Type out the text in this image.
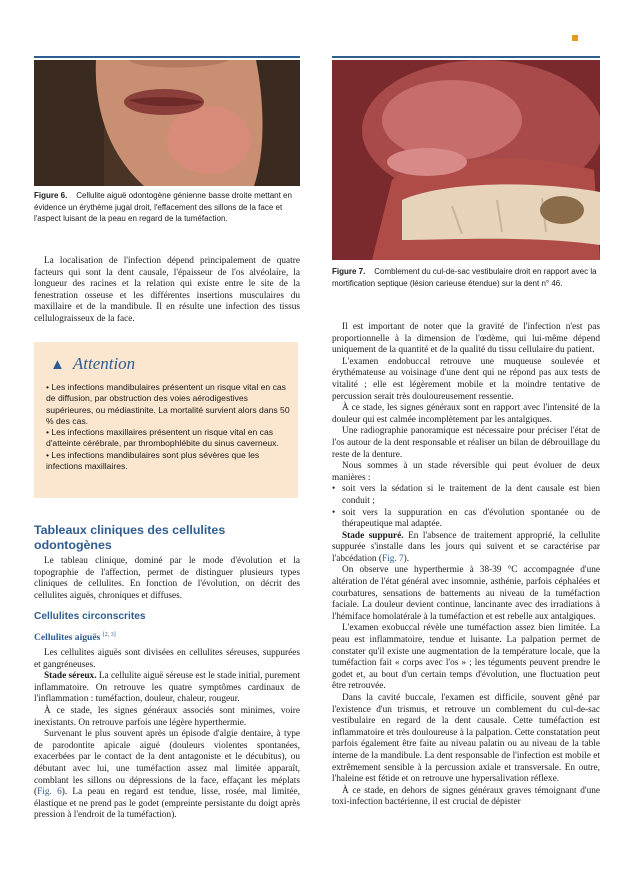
Figure 6. Cellulite aiguë odontogène génienne basse droite mettant en évidence un érythème jugal droit, l'effacement des sillons de la face et l'aspect luisant de la peau en regard de la tuméfaction.
Figure 7. Comblement du cul-de-sac vestibulaire droit en rapport avec la mortification septique (lésion carieuse étendue) sur la dent n° 46.

La localisation de l'infection dépend principalement de quatre facteurs qui sont la dent causale, l'épaisseur de l'os alvéolaire, la longueur des racines et la relation qui existe entre le site de la fenestration osseuse et les différentes insertions musculaires du maxillaire et de la mandibule. Il en résulte une infection des tissus cellulograisseux de la face.

▲ Attention

• Les infections mandibulaires présentent un risque vital en cas de diffusion, par obstruction des voies aérodigestives supérieures, ou médiastinite. La mortalité survient alors dans 50 % des cas.

• Les infections maxillaires présentent un risque vital en cas d'atteinte cérébrale, par thrombophlébite du sinus caverneux.

• Les infections mandibulaires sont plus sévères que les infections maxillaires.

Tableaux cliniques des cellulites odontogènes

Le tableau clinique, dominé par le mode d'évolution et la topographie de l'affection, permet de distinguer plusieurs types cliniques de cellulites. En fonction de l'évolution, on décrit des cellulites aiguës, chroniques et diffuses.

Cellulites circonscrites
Cellulites aiguës [2, 3]

Les cellulites aiguës sont divisées en cellulites séreuses, suppurées et gangréneuses.

Stade séreux. La cellulite aiguë séreuse est le stade initial, purement inflammatoire. On retrouve les quatre symptômes cardinaux de l'inflammation : tuméfaction, douleur, chaleur, rougeur.

À ce stade, les signes généraux associés sont minimes, voire inexistants. On retrouve parfois une légère hyperthermie.

Survenant le plus souvent après un épisode d'algie dentaire, à type de parodontite apicale aiguë (douleurs violentes spontanées, exacerbées par le contact de la dent antagoniste et le décubitus), ou débutant avec lui, une tuméfaction assez mal limitée apparaît, comblant les sillons ou dépressions de la face, effaçant les méplats (Fig. 6). La peau en regard est tendue, lisse, rosée, mal limitée, élastique et ne prend pas le godet (empreinte persistante du doigt après pression à l'endroit de la tuméfaction).

Il est important de noter que la gravité de l'infection n'est pas proportionnelle à la dimension de l'œdème, qui lui-même dépend uniquement de la quantité et de la qualité du tissu cellulaire du patient.

L'examen endobuccal retrouve une muqueuse soulevée et érythémateuse au voisinage d'une dent qui ne répond pas aux tests de vitalité ; elle est légèrement mobile et la moindre tentative de percussion serait très douloureusement ressentie.

À ce stade, les signes généraux sont en rapport avec l'intensité de la douleur qui est calmée incomplètement par les antalgiques.

Une radiographie panoramique est nécessaire pour préciser l'état de l'os autour de la dent responsable et réaliser un bilan de débrouillage du reste de la denture.

Nous sommes à un stade réversible qui peut évoluer de deux manières :

• soit vers la sédation si le traitement de la dent causale est bien conduit ;
• soit vers la suppuration en cas d'évolution spontanée ou de thérapeutique mal adaptée.

Stade suppuré. En l'absence de traitement approprié, la cellulite suppurée s'installe dans les jours qui suivent et se caractérise par l'abcédation (Fig. 7).

On observe une hyperthermie à 38-39 °C accompagnée d'une altération de l'état général avec insomnie, asthénie, parfois céphalées et courbatures, sensations de battements au niveau de la tuméfaction faciale. La douleur devient continue, lancinante avec des irradiations à l'hémiface homolatérale à la tuméfaction et est rebelle aux antalgiques.

L'examen exobuccal révèle une tuméfaction assez bien limitée. La peau est inflammatoire, tendue et luisante. La palpation permet de constater qu'il existe une augmentation de la température locale, que la tuméfaction fait « corps avec l'os » ; les téguments peuvent prendre le godet et, au bout d'un certain temps d'évolution, une fluctuation peut être retrouvée.

Dans la cavité buccale, l'examen est difficile, souvent gêné par l'existence d'un trismus, et retrouve un comblement du cul-de-sac vestibulaire en regard de la dent causale. Cette tuméfaction est inflammatoire et très douloureuse à la palpation. Cette constatation peut parfois également être faite au niveau palatin ou au niveau de la table interne de la mandibule. La dent responsable de l'infection est mobile et extrêmement sensible à la percussion axiale et transversale. En outre, l'haleine est fétide et on retrouve une hypersalivation réflexe.

À ce stade, en dehors de signes généraux graves témoignant d'une toxi-infection bactérienne, il est crucial de dépister
